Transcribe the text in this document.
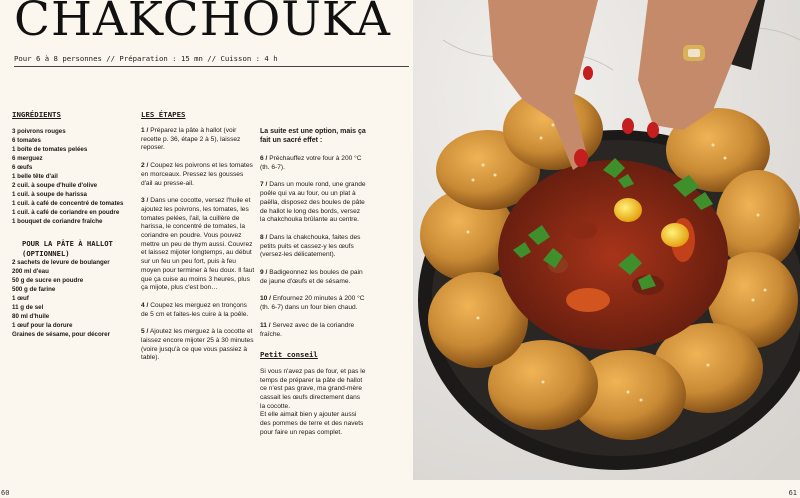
CHAKCHOUKA
Pour 6 à 8 personnes // Préparation : 15 mn // Cuisson : 4 h
INGRÉDIENTS
3 poivrons rouges
6 tomates
1 boîte de tomates pelées
6 merguez
6 œufs
1 belle tête d'ail
2 cuil. à soupe d'huile d'olive
1 cuil. à soupe de harissa
1 cuil. à café de concentré de tomates
1 cuil. à café de coriandre en poudre
1 bouquet de coriandre fraîche
POUR LA PÂTE À HALLOT
(OPTIONNEL)
2 sachets de levure de boulanger
200 ml d'eau
50 g de sucre en poudre
500 g de farine
1 œuf
11 g de sel
80 ml d'huile
1 œuf pour la dorure
Graines de sésame, pour décorer
LES ÉTAPES

1 / Préparez la pâte à hallot (voir recette p. 36, étape 2 à 5), laissez reposer.

2 / Coupez les poivrons et les tomates en morceaux. Pressez les gousses d'ail au presse-ail.

3 / Dans une cocotte, versez l'huile et ajoutez les poivrons, les tomates, les tomates pelées, l'ail, la cuillère de harissa, le concentré de tomates, la coriandre en poudre. Vous pouvez mettre un peu de thym aussi. Couvrez et laissez mijoter longtemps, au début sur un feu un peu fort, puis à feu moyen pour terminer à feu doux. Il faut que ça cuise au moins 3 heures, plus ça mijote, plus c'est bon…

4 / Coupez les merguez en tronçons de 5 cm et faites-les cuire à la poêle.

5 / Ajoutez les merguez à la cocotte et laissez encore mijoter 25 à 30 minutes (voire jusqu'à ce que vous passiez à table).

La suite est une option, mais ça fait un sacré effet :

6 / Préchauffez votre four à 200 °C (th. 6-7).

7 / Dans un moule rond, une grande poêle qui va au four, ou un plat à paëlla, disposez des boules de pâte de hallot le long des bords, versez la chakchouka brûlante au centre.

8 / Dans la chakchouka, faites des petits puits et cassez-y les œufs (versez-les délicatement).

9 / Badigeonnez les boules de pain de jaune d'œufs et de sésame.

10 / Enfournez 20 minutes à 200 °C (th. 6-7) dans un four bien chaud.

11 / Servez avec de la coriandre fraîche.

Petit conseil

Si vous n'avez pas de four, et pas le temps de préparer la pâte de hallot ce n'est pas grave, ma grand-mère cassait les œufs directement dans la cocotte.

Et elle aimait bien y ajouter aussi des pommes de terre et des navets pour faire un repas complet.

60	61
